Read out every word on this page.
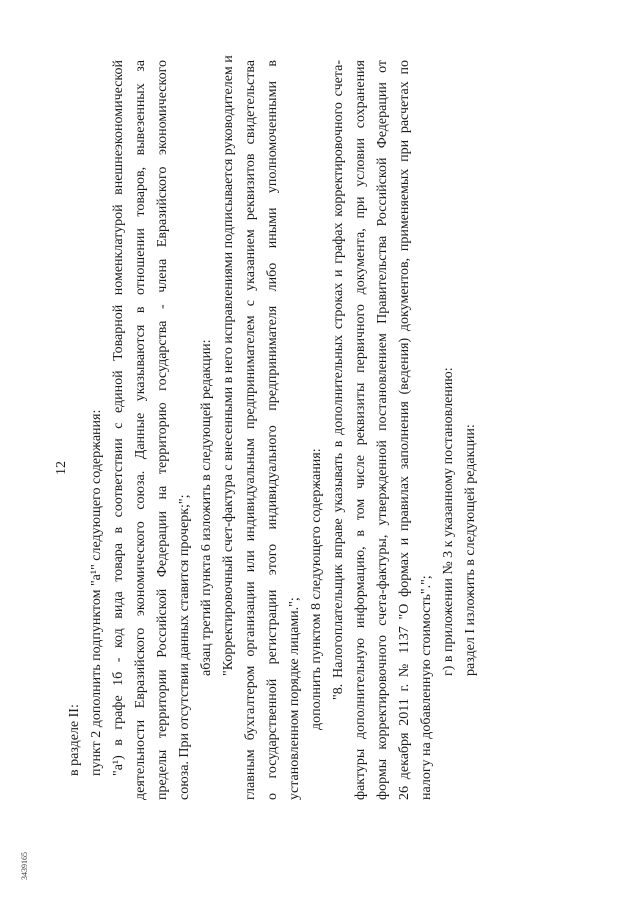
12
в разделе II: пункт 2 дополнить подпунктом "а¹" следующего содержания: "а¹) в графе 1б - код вида товара в соответствии с единой Товарной номенклатурой внешнеэкономической деятельности Евразийского экономического союза. Данные указываются в отношении товаров, вывезенных за пределы территории Российской Федерации на территорию государства - члена Евразийского экономического союза. При отсутствии данных ставится прочерк;"; абзац третий пункта 6 изложить в следующей редакции: "Корректировочный счет-фактура с внесенными в него исправлениями подписывается руководителем и главным бухгалтером организации или индивидуальным предпринимателем с указанием реквизитов свидетельства о государственной регистрации этого индивидуального предпринимателя либо иными уполномоченными в установленном порядке лицами."; дополнить пунктом 8 следующего содержания: "8. Налогоплательщик вправе указывать в дополнительных строках и графах корректировочного счета- фактуры дополнительную информацию, в том числе реквизиты первичного документа, при условии сохранения формы корректировочного счета-фактуры, утвержденной постановлением Правительства Российской Федерации от 26 декабря 2011 г. № 1137 "О формах и правилах заполнения (ведения) документов, применяемых при расчетах по налогу на добавленную стоимость".";
г) в приложении № 3 к указанному постановлению: раздел I изложить в следующей редакции:
3439165
